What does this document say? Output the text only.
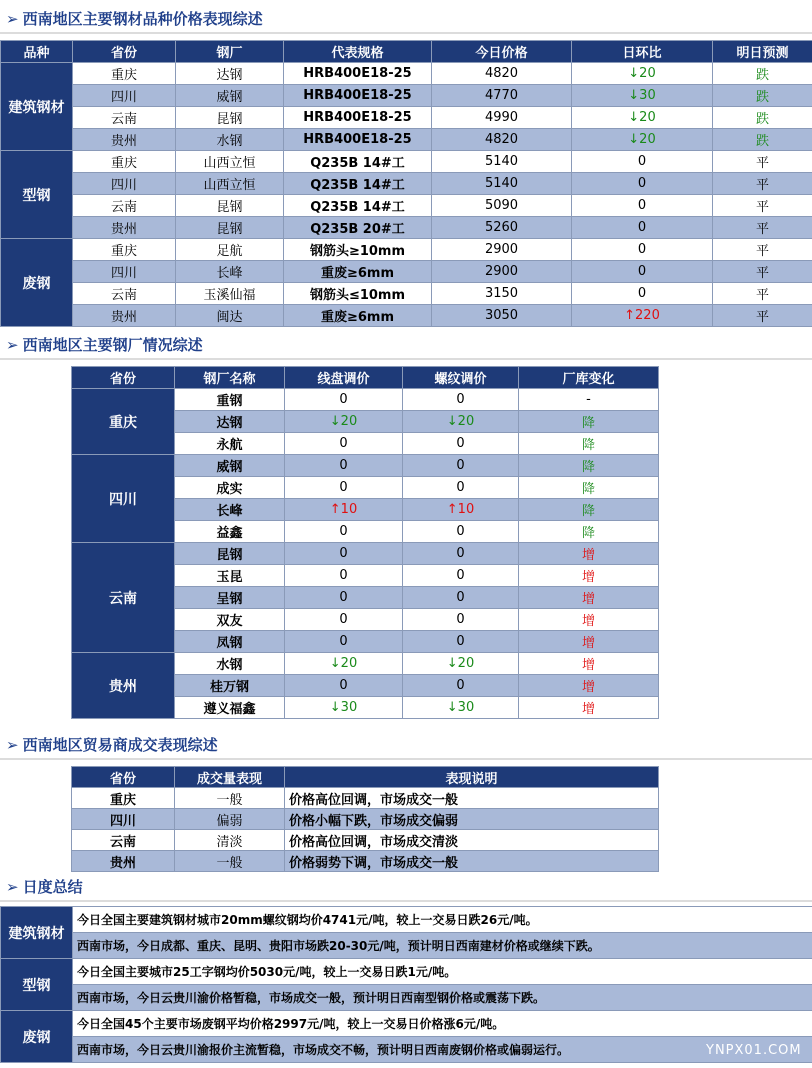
➢ 西南地区主要钢材品种价格表现综述
品种	省份	钢厂	代表规格	今日价格	日环比	明日预测
建筑钢材	重庆	达钢	HRB400E18-25	4820	↓20	跌
	四川	威钢	HRB400E18-25	4770	↓30	跌
	云南	昆钢	HRB400E18-25	4990	↓20	跌
	贵州	水钢	HRB400E18-25	4820	↓20	跌
型钢	重庆	山西立恒	Q235B 14#工	5140	0	平
	四川	山西立恒	Q235B 14#工	5140	0	平
	云南	昆钢	Q235B 14#工	5090	0	平
	贵州	昆钢	Q235B 20#工	5260	0	平
废钢	重庆	足航	钢筋头≥10mm	2900	0	平
	四川	长峰	重废≥6mm	2900	0	平
	云南	玉溪仙福	钢筋头≤10mm	3150	0	平
	贵州	闽达	重废≥6mm	3050	↑220	平
➢ 西南地区主要钢厂情况综述
省份	钢厂名称	线盘调价	螺纹调价	厂库变化
重庆	重钢	0	0	-
	达钢	↓20	↓20	降
	永航	0	0	降
四川	威钢	0	0	降
	成实	0	0	降
	长峰	↑10	↑10	降
	益鑫	0	0	降
云南	昆钢	0	0	增
	玉昆	0	0	增
	呈钢	0	0	增
	双友	0	0	增
	凤钢	0	0	增
贵州	水钢	↓20	↓20	增
	桂万钢	0	0	增
	遵义福鑫	↓30	↓30	增
➢ 西南地区贸易商成交表现综述
省份	成交量表现	表现说明
重庆	一般	价格高位回调，市场成交一般
四川	偏弱	价格小幅下跌，市场成交偏弱
云南	清淡	价格高位回调，市场成交清淡
贵州	一般	价格弱势下调，市场成交一般
➢ 日度总结
建筑钢材	今日全国主要建筑钢材城市20mm螺纹钢均价4741元/吨，较上一交易日跌26元/吨。
	西南市场，今日成都、重庆、昆明、贵阳市场跌20-30元/吨，预计明日西南建材价格或继续下跌。
型钢	今日全国主要城市25工字钢均价5030元/吨，较上一交易日跌1元/吨。
	西南市场，今日云贵川渝价格暂稳，市场成交一般，预计明日西南型钢价格或震荡下跌。
废钢	今日全国45个主要市场废钢平均价格2997元/吨，较上一交易日价格涨6元/吨。
	西南市场，今日云贵川渝报价主流暂稳，市场成交不畅，预计明日西南废钢价格或偏弱运行。	YNPX01.COM
